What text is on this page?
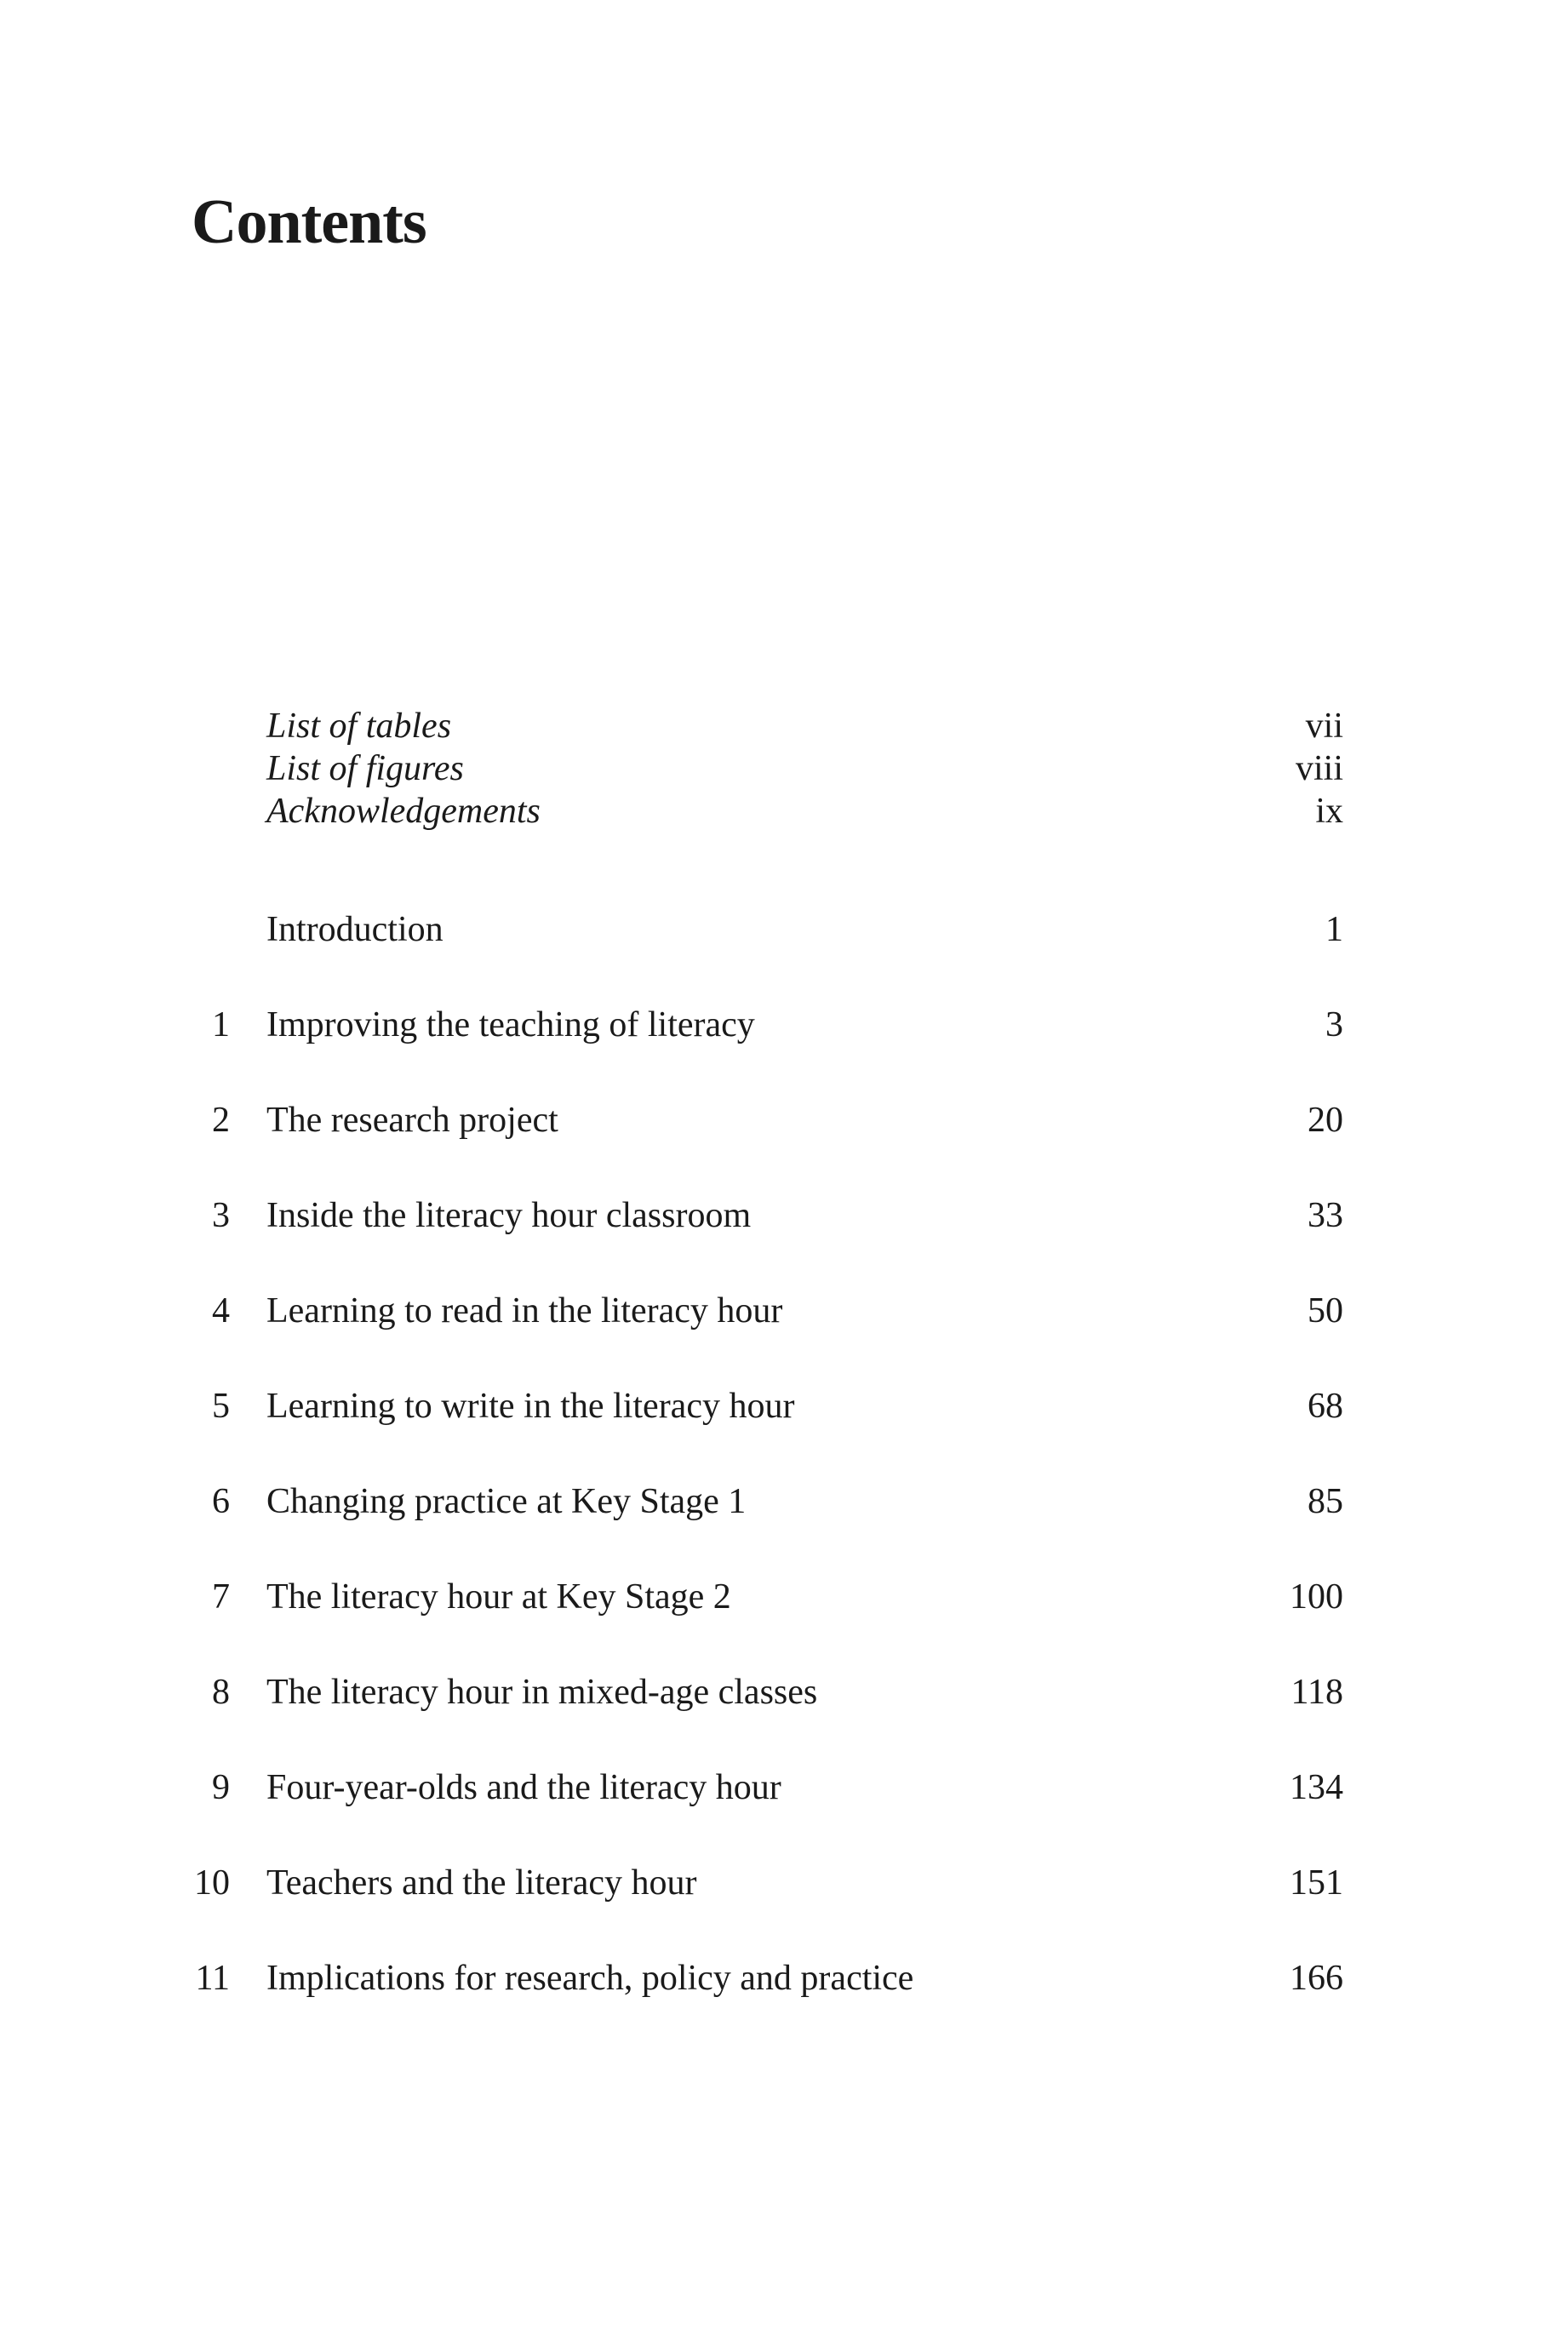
Contents
List of tables	vii
List of figures	viii
Acknowledgements	ix
Introduction	1
1 Improving the teaching of literacy	3
2 The research project	20
3 Inside the literacy hour classroom	33
4 Learning to read in the literacy hour	50
5 Learning to write in the literacy hour	68
6 Changing practice at Key Stage 1	85
7 The literacy hour at Key Stage 2	100
8 The literacy hour in mixed-age classes	118
9 Four-year-olds and the literacy hour	134
10 Teachers and the literacy hour	151
11 Implications for research, policy and practice	166
